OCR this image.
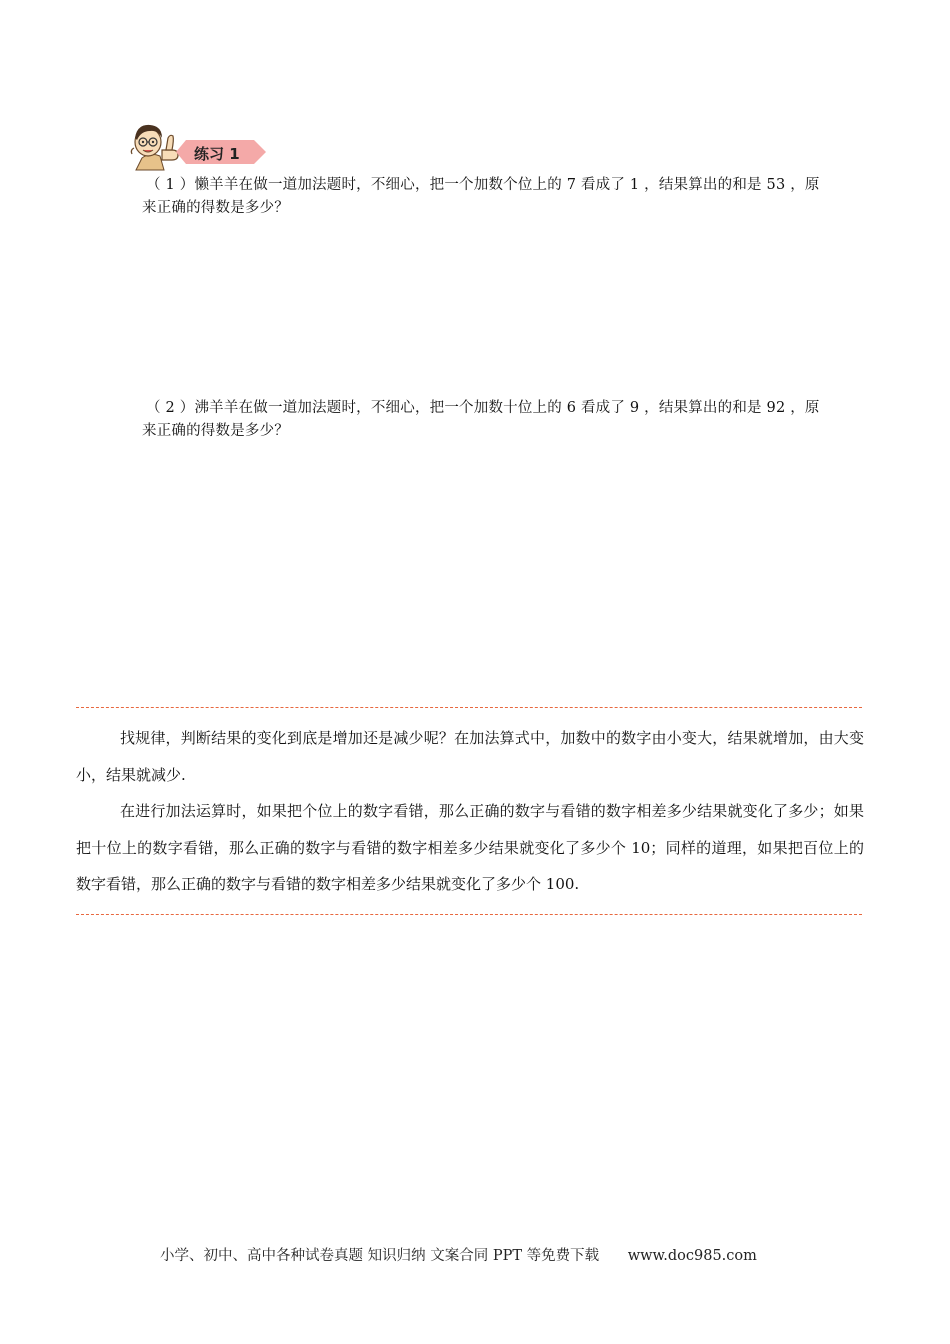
练习 1
（ 1 ）懒羊羊在做一道加法题时，不细心，把一个加数个位上的 7 看成了 1 ，结果算出的和是 53 ，原
来正确的得数是多少？
（ 2 ）沸羊羊在做一道加法题时，不细心，把一个加数十位上的 6 看成了 9 ，结果算出的和是 92 ，原
来正确的得数是多少？

找规律，判断结果的变化到底是增加还是减少呢？在加法算式中，加数中的数字由小变大，结果就增加，由大变小，结果就减少.

在进行加法运算时，如果把个位上的数字看错，那么正确的数字与看错的数字相差多少结果就变化了多少；如果把十位上的数字看错，那么正确的数字与看错的数字相差多少结果就变化了多少个 10；同样的道理，如果把百位上的数字看错，那么正确的数字与看错的数字相差多少结果就变化了多少个 100.

小学、初中、高中各种试卷真题 知识归纳 文案合同 PPT 等免费下载 www.doc985.com
